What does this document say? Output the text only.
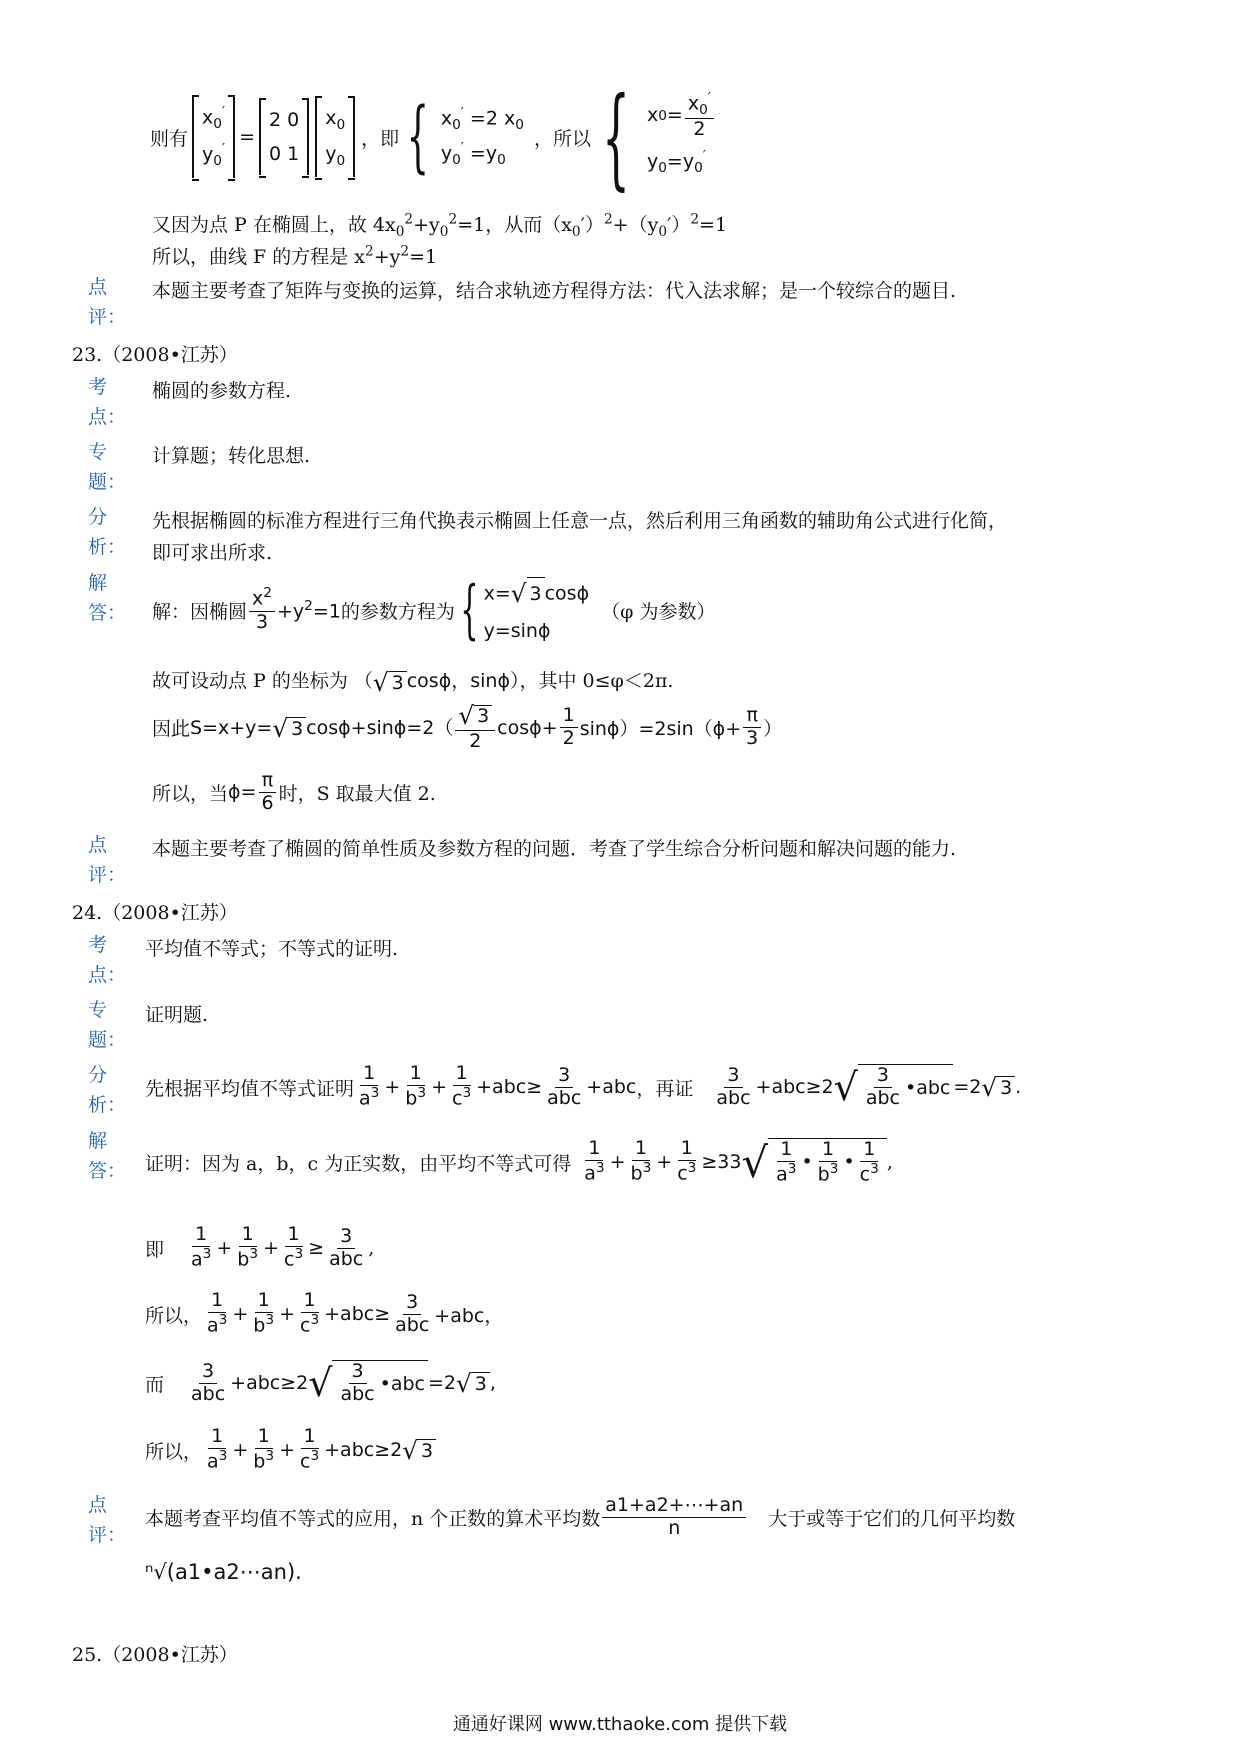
则有
$x_0'$
$y_0'$
=
2 0
0 1
$x_0$
$y_0$
，即 { $x_0' =2$ $x_0$
$y_0' =y_0$
，所以 { x $0 = \frac{x_0'}{2}$
$y_0=y_0'$
又因为点 P 在椭圆上，故 $4x_0^2+y_0^2=1$，从而$(x_0')^2+(y_0')^2=1$
所以，曲线 F 的方程是 $x^2+y^2=1$
点
评：
本题主要考查了矩阵与变换的运算，结合求轨迹方程得方法：代入法求解；是一个较综合的题目.
23.（2008•江苏）
考
点：
椭圆的参数方程.
专
题：
计算题；转化思想.
分
析：
先根据椭圆的标准方程进行三角代换表示椭圆上任意一点，然后利用三角函数的辅助角公式进行化简，
即可求出所求.
解
答： 解：因椭圆 $\frac{x^2}{3} +y^2=1$ 的参数方程为 { x= √ 3 cosϕ
y=sinϕ
（φ 为参数）
故可设动点 P 的坐标为 （ √ 3 cosϕ，sinϕ），其中 0≤φ＜2π.
因此 S=x+y= √ 3 $\cos\phi+\sin\phi=2( \frac{√ 3}{2} \cos\phi+ \frac{1}{2} \sin\phi)=2\sin(\phi+ \frac{\pi}{3}$ ）
所以，当 $\phi= \frac{\pi}{6}$ 时，S 取最大值 2.
点
评：
本题主要考查了椭圆的简单性质及参数方程的问题．考查了学生综合分析问题和解决问题的能力.
24.（2008•江苏）
考
点：
平均值不等式；不等式的证明.
专
题：
证明题.
分
析：
先根据平均值不等式证明 $\frac{1}{a^3} + \frac{1}{b^3} + \frac{1}{c^3} +abc\ge \frac{3}{\text{abc}} +abc$ ，再证 $\frac{3}{\text{abc}} +abc\ge 2$ √ $\frac{3}{\text{abc}}$ •abc =2 √ 3 .
解
答： 证明：因为 a，b，c 为正实数，由平均不等式可得 $\frac{1}{a^3} + \frac{1}{b^3} + \frac{1}{c^3} \ge 3$ 3 √ $\frac{1}{a^3}$ • $\frac{1}{b^3}$ • $\frac{1}{c^3}$ ,
即 $\frac{1}{a^3} + \frac{1}{b^3} + \frac{1}{c^3} \ge \frac{3}{\text{abc}}$ ,
所以， $\frac{1}{a^3} + \frac{1}{b^3} + \frac{1}{c^3} +abc\ge \frac{3}{\text{abc}} +abc$，
而 $\frac{3}{\text{abc}} +abc\ge 2$ √ $\frac{3}{\text{abc}}$ •abc =2 √ 3 ,
所以， $\frac{1}{a^3} + \frac{1}{b^3} + \frac{1}{c^3} +abc\ge 2$ √ 3
点
评：
本题考查平均值不等式的应用，n 个正数的算术平均数 $\frac{a1+a2+\cdots+an}{n}$ 大于或等于它们的几何平均数
ⁿ√(a1•a2⋯an).
25.（2008•江苏）
通通好课网 www.tthaoke.com 提供下载
